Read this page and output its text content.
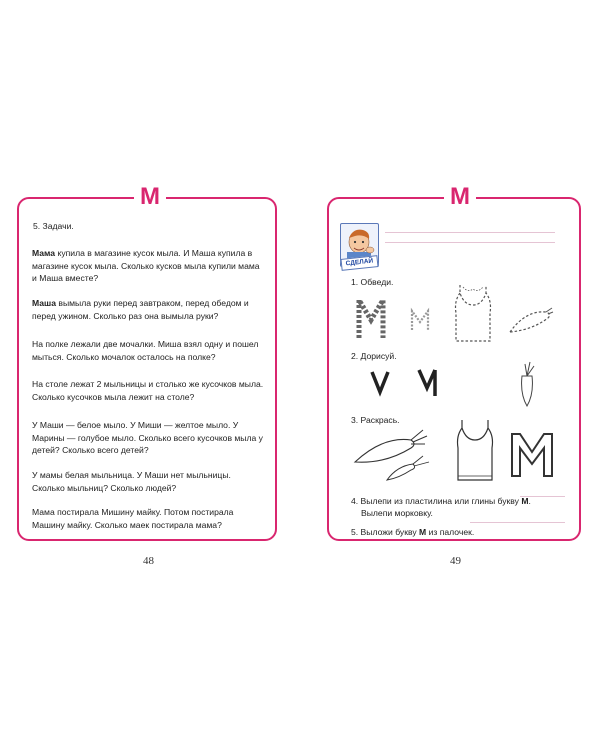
М
5. Задачи.
Мама купила в магазине кусок мыла. И Маша купила в магазине кусок мыла. Сколько кусков мыла купили мама и Маша вместе?
Маша вымыла руки перед завтраком, перед обедом и перед ужином. Сколько раз она вымыла руки?
На полке лежали две мочалки. Миша взял одну и пошел мыться. Сколько мочалок осталось на полке?
На столе лежат 2 мыльницы и столько же кусочков мыла. Сколько кусочков мыла лежит на столе?
У Маши — белое мыло. У Миши — желтое мыло. У Марины — голубое мыло. Сколько всего кусочков мыла у детей? Сколько всего детей?
У мамы белая мыльница. У Маши нет мыльницы. Сколько мыльниц? Сколько людей?
Мама постирала Мишину майку. Потом постирала Машину майку. Сколько маек постирала мама?
48
М
СДЕЛАЙ
1. Обведи.
2. Дорисуй.
3. Раскрась.
4. Вылепи из пластилина или глины букву М.
Вылепи морковку.
5. Выложи букву М из палочек.
49
